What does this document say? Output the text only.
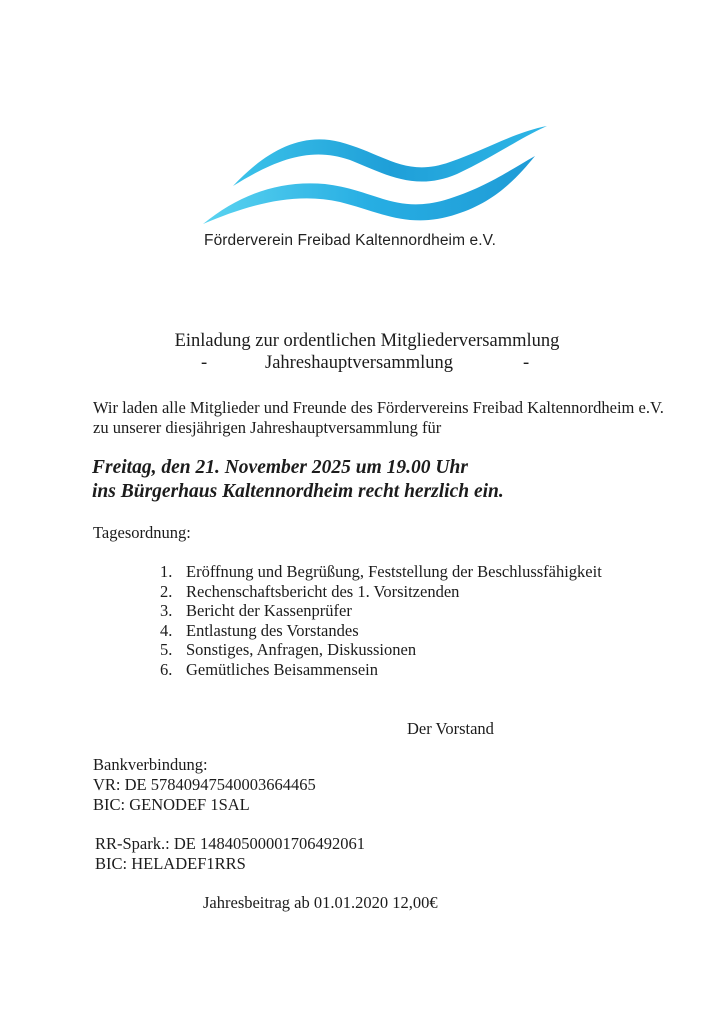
Förderverein Freibad Kaltennordheim e.V.
Einladung zur ordentlichen Mitgliederversammlung
-	Jahreshauptversammlung	-
Wir laden alle Mitglieder und Freunde des Fördervereins Freibad Kaltennordheim e.V.
zu unserer diesjährigen Jahreshauptversammlung für
Freitag, den 21. November 2025 um 19.00 Uhr
ins Bürgerhaus Kaltennordheim recht herzlich ein.
Tagesordnung:
1. Eröffnung und Begrüßung, Feststellung der Beschlussfähigkeit
2. Rechenschaftsbericht des 1. Vorsitzenden
3. Bericht der Kassenprüfer
4. Entlastung des Vorstandes
5. Sonstiges, Anfragen, Diskussionen
6. Gemütliches Beisammensein
Der Vorstand
Bankverbindung:
VR: DE 57840947540003664465
BIC: GENODEF 1SAL
RR-Spark.: DE 14840500001706492061
BIC: HELADEF1RRS
Jahresbeitrag ab 01.01.2020 12,00€
